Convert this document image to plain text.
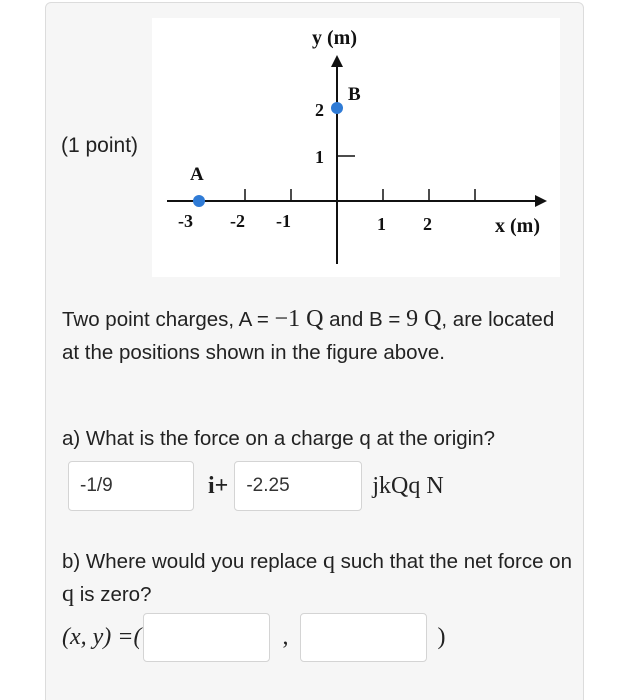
(1 point)
y (m)
x (m)
-3 -2 -1	1 2
1
2
A
B
Two point charges, A = −1 Q and B = 9 Q, are located at the positions shown in the figure above.
a) What is the force on a charge q at the origin?
-1/9
i+
-2.25	jkQq N
b) Where would you replace q such that the net force on q is zero?
(x, y) =(	,	)
